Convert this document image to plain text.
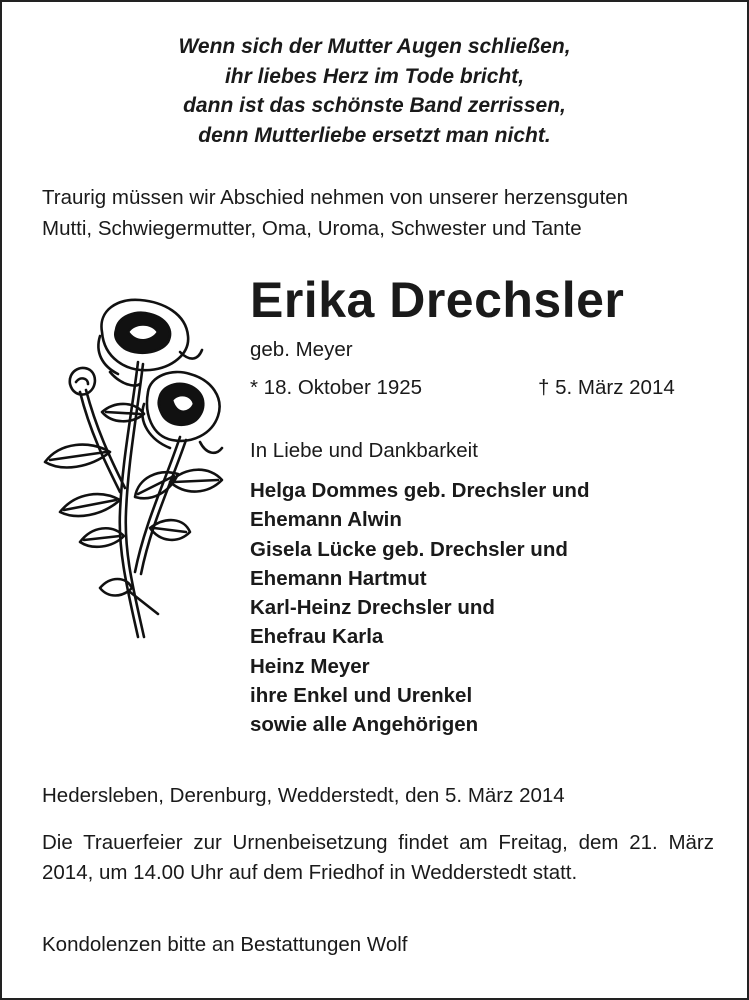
Wenn sich der Mutter Augen schließen,
ihr liebes Herz im Tode bricht,
dann ist das schönste Band zerrissen,
denn Mutterliebe ersetzt man nicht.
Traurig müssen wir Abschied nehmen von unserer herzensguten
Mutti, Schwiegermutter, Oma, Uroma, Schwester und Tante
Erika Drechsler
geb. Meyer
* 18. Oktober 1925	† 5. März 2014
In Liebe und Dankbarkeit
Helga Dommes geb. Drechsler und
Ehemann Alwin
Gisela Lücke geb. Drechsler und
Ehemann Hartmut
Karl-Heinz Drechsler und
Ehefrau Karla
Heinz Meyer
ihre Enkel und Urenkel
sowie alle Angehörigen
Hedersleben, Derenburg, Wedderstedt, den 5. März 2014
Die Trauerfeier zur Urnenbeisetzung findet am Freitag, dem 21. März 2014, um 14.00 Uhr auf dem Friedhof in Wedderstedt statt.
Kondolenzen bitte an Bestattungen Wolf
